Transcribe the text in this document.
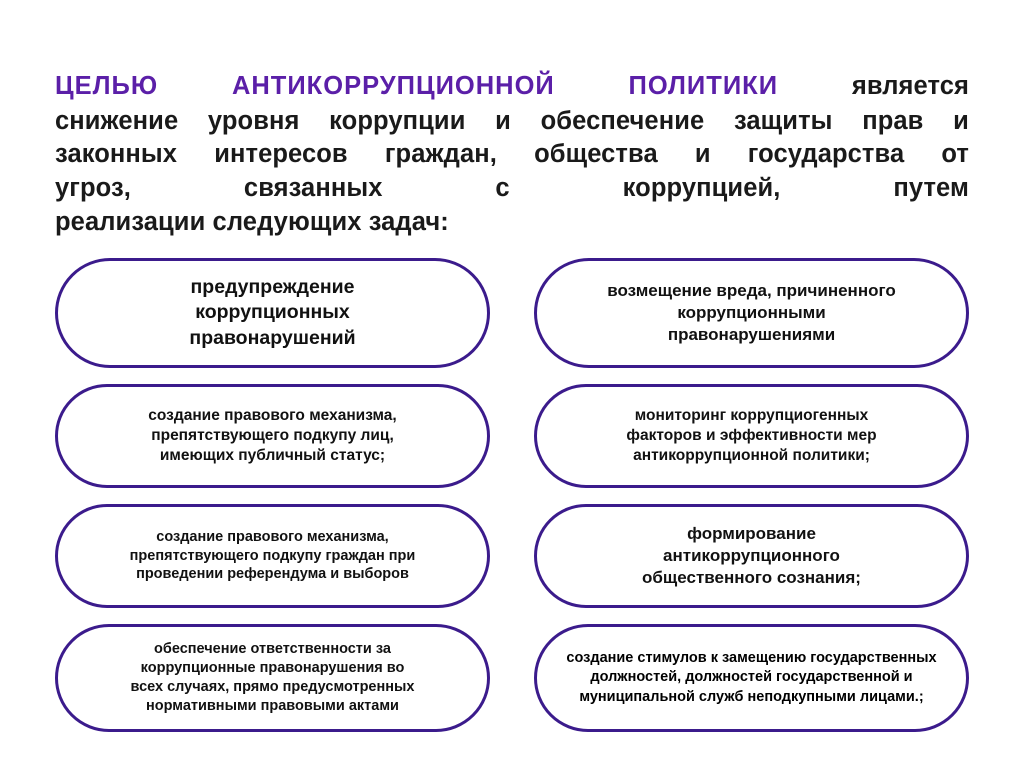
ЦЕЛЬЮ	АНТИКОРРУПЦИОННОЙ	ПОЛИТИКИ	является
снижение уровня коррупции и обеспечение защиты прав и
законных интересов граждан, общества и государства от
угроз,	связанных	с	коррупцией,	путем
реализации следующих задач:
предупреждение
коррупционных
правонарушений
возмещение вреда, причиненного
коррупционными
правонарушениями
создание правового механизма,
препятствующего подкупу лиц,
имеющих публичный статус;
мониторинг коррупциогенных
факторов и эффективности мер
антикоррупционной политики;
создание правового механизма,
препятствующего подкупу граждан при
проведении референдума и выборов
формирование
антикоррупционного
общественного сознания;
обеспечение ответственности за
коррупционные правонарушения во
всех случаях, прямо предусмотренных
нормативными правовыми актами
создание стимулов к замещению государственных должностей, должностей государственной и муниципальной служб неподкупными лицами.;
